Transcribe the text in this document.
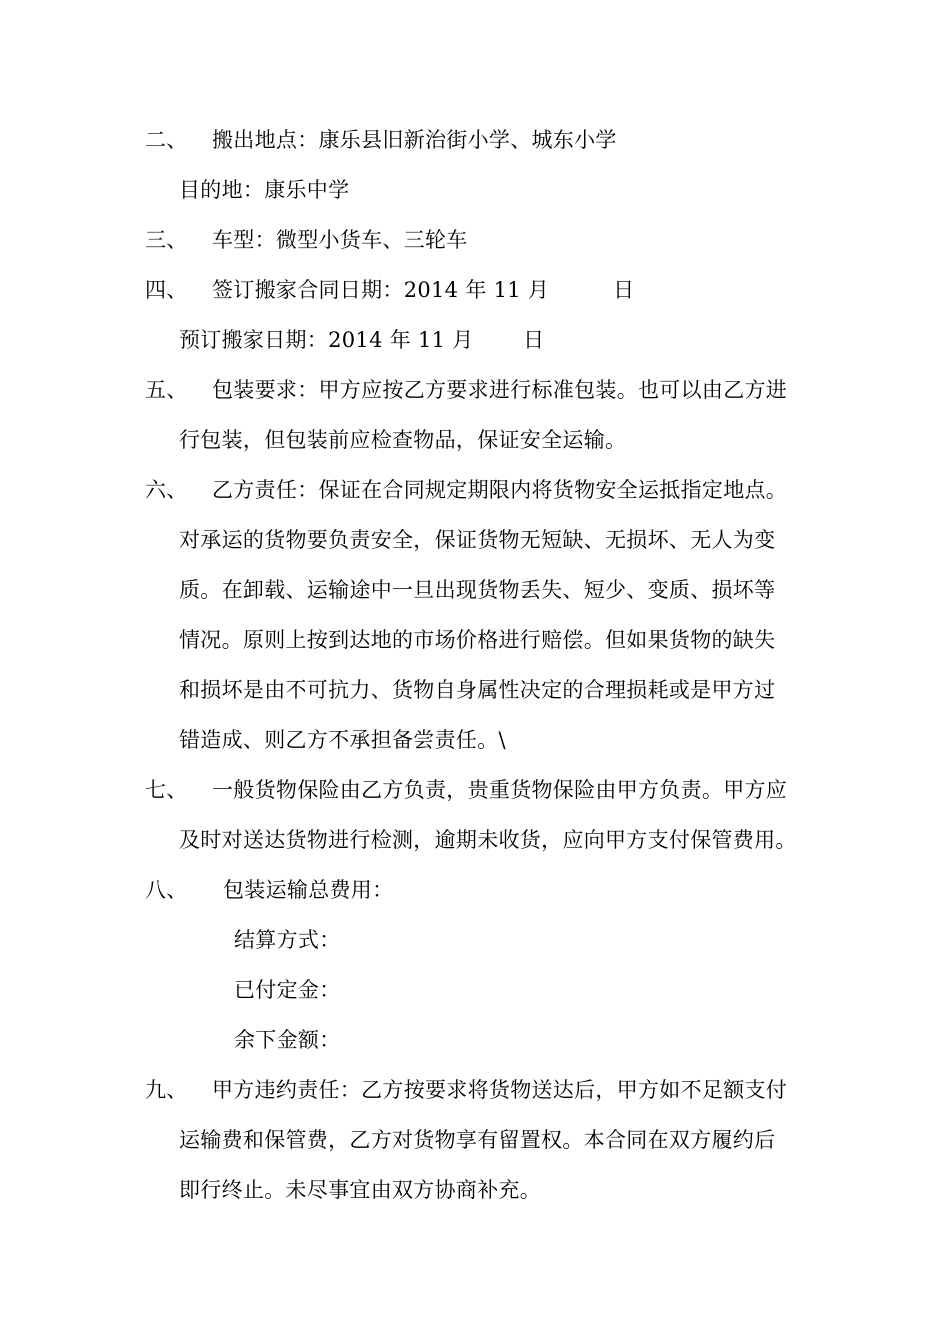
二、 搬出地点：康乐县旧新治街小学、城东小学
目的地：康乐中学
三、 车型：微型小货车、三轮车
四、 签订搬家合同日期：2014 年 11 月　　　日
预订搬家日期：2014 年 11 月　　 日
五、 包装要求：甲方应按乙方要求进行标准包装。也可以由乙方进
行包装，但包装前应检查物品，保证安全运输。
六、 乙方责任：保证在合同规定期限内将货物安全运抵指定地点。
对承运的货物要负责安全，保证货物无短缺、无损坏、无人为变
质。在卸载、运输途中一旦出现货物丢失、短少、变质、损坏等
情况。原则上按到达地的市场价格进行赔偿。但如果货物的缺失
和损坏是由不可抗力、货物自身属性决定的合理损耗或是甲方过
错造成、则乙方不承担备尝责任。\
七、 一般货物保险由乙方负责，贵重货物保险由甲方负责。甲方应
及时对送达货物进行检测，逾期未收货，应向甲方支付保管费用。
八、 包装运输总费用：
结算方式：
已付定金：
余下金额：
九、 甲方违约责任：乙方按要求将货物送达后，甲方如不足额支付
运输费和保管费，乙方对货物享有留置权。本合同在双方履约后
即行终止。未尽事宜由双方协商补充。
